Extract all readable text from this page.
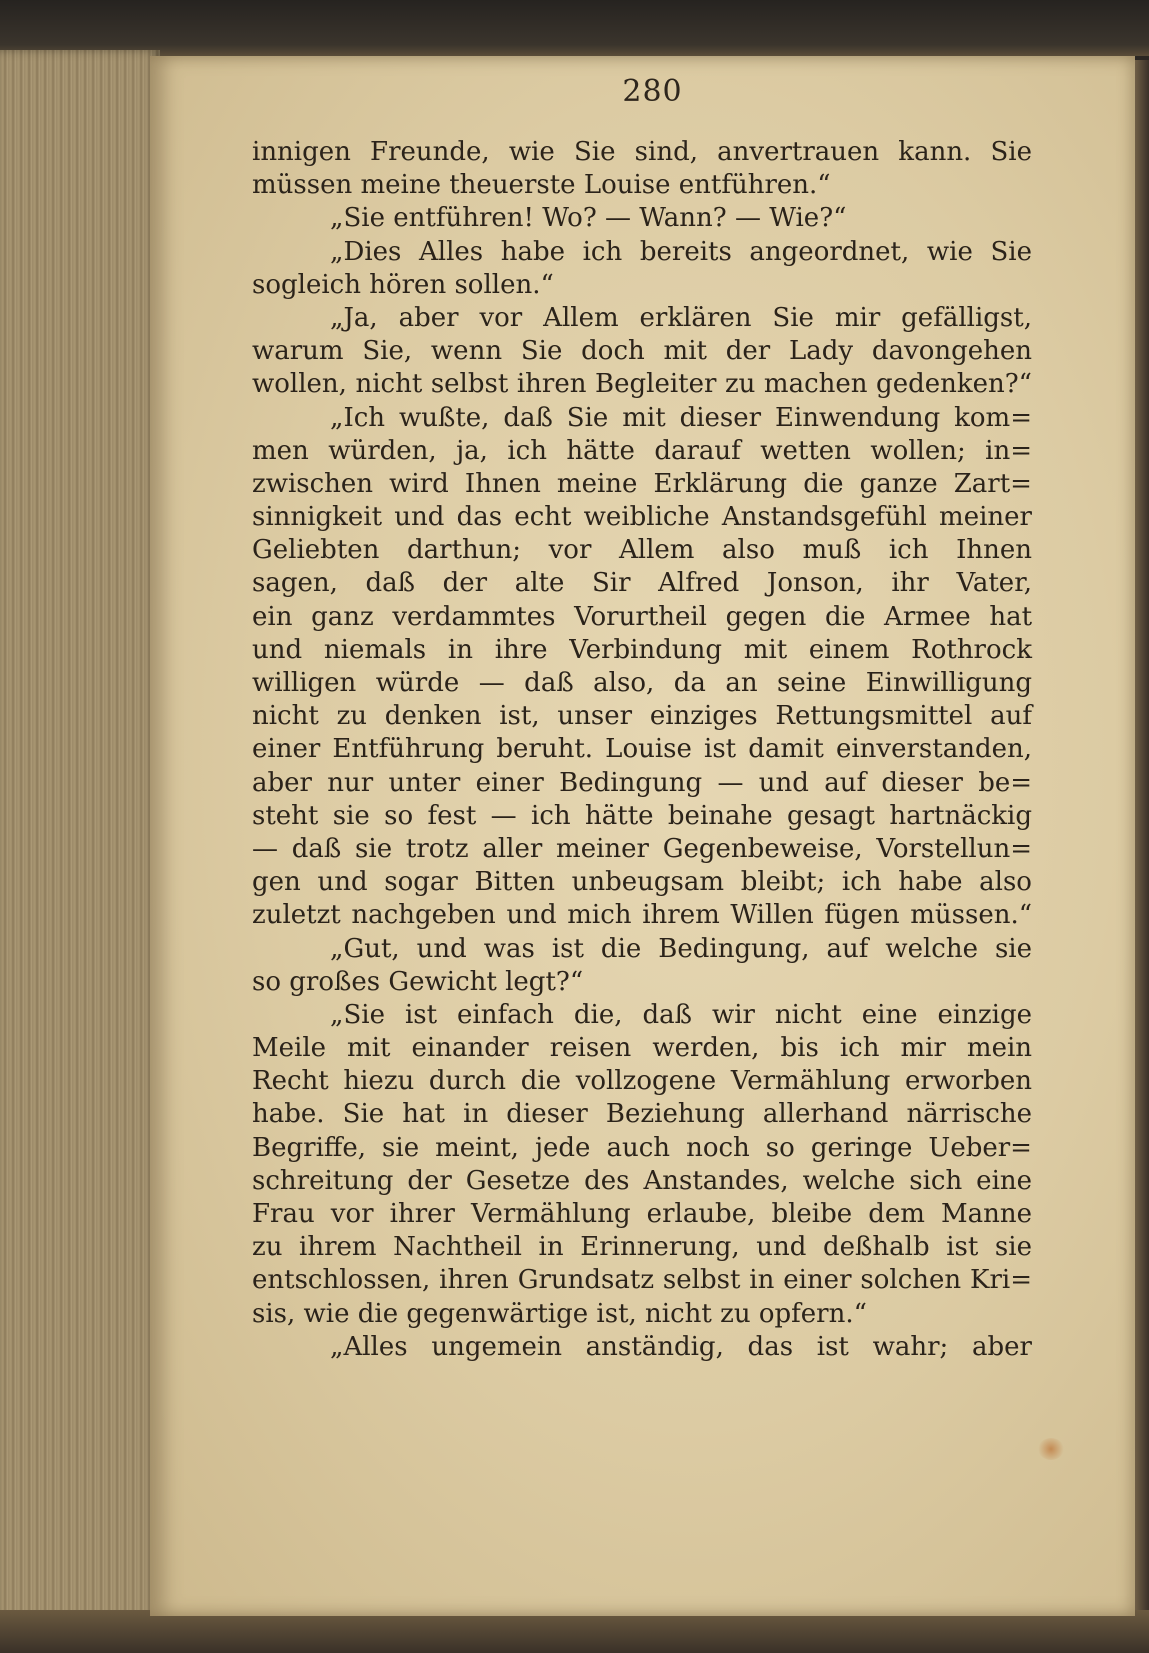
280
innigen Freunde, wie Sie sind, anvertrauen kann. Sie
müssen meine theuerste Louise entführen.“
„Sie entführen! Wo? — Wann? — Wie?“
„Dies Alles habe ich bereits angeordnet, wie Sie
sogleich hören sollen.“
„Ja, aber vor Allem erklären Sie mir gefälligst,
warum Sie, wenn Sie doch mit der Lady davongehen
wollen, nicht selbst ihren Begleiter zu machen gedenken?“
„Ich wußte, daß Sie mit dieser Einwendung kom=
men würden, ja, ich hätte darauf wetten wollen; in=
zwischen wird Ihnen meine Erklärung die ganze Zart=
sinnigkeit und das echt weibliche Anstandsgefühl meiner
Geliebten darthun; vor Allem also muß ich Ihnen
sagen, daß der alte Sir Alfred Jonson, ihr Vater,
ein ganz verdammtes Vorurtheil gegen die Armee hat
und niemals in ihre Verbindung mit einem Rothrock
willigen würde — daß also, da an seine Einwilligung
nicht zu denken ist, unser einziges Rettungsmittel auf
einer Entführung beruht. Louise ist damit einverstanden,
aber nur unter einer Bedingung — und auf dieser be=
steht sie so fest — ich hätte beinahe gesagt hartnäckig
— daß sie trotz aller meiner Gegenbeweise, Vorstellun=
gen und sogar Bitten unbeugsam bleibt; ich habe also
zuletzt nachgeben und mich ihrem Willen fügen müssen.“
„Gut, und was ist die Bedingung, auf welche sie
so großes Gewicht legt?“
„Sie ist einfach die, daß wir nicht eine einzige
Meile mit einander reisen werden, bis ich mir mein
Recht hiezu durch die vollzogene Vermählung erworben
habe. Sie hat in dieser Beziehung allerhand närrische
Begriffe, sie meint, jede auch noch so geringe Ueber=
schreitung der Gesetze des Anstandes, welche sich eine
Frau vor ihrer Vermählung erlaube, bleibe dem Manne
zu ihrem Nachtheil in Erinnerung, und deßhalb ist sie
entschlossen, ihren Grundsatz selbst in einer solchen Kri=
sis, wie die gegenwärtige ist, nicht zu opfern.“
„Alles ungemein anständig, das ist wahr; aber
